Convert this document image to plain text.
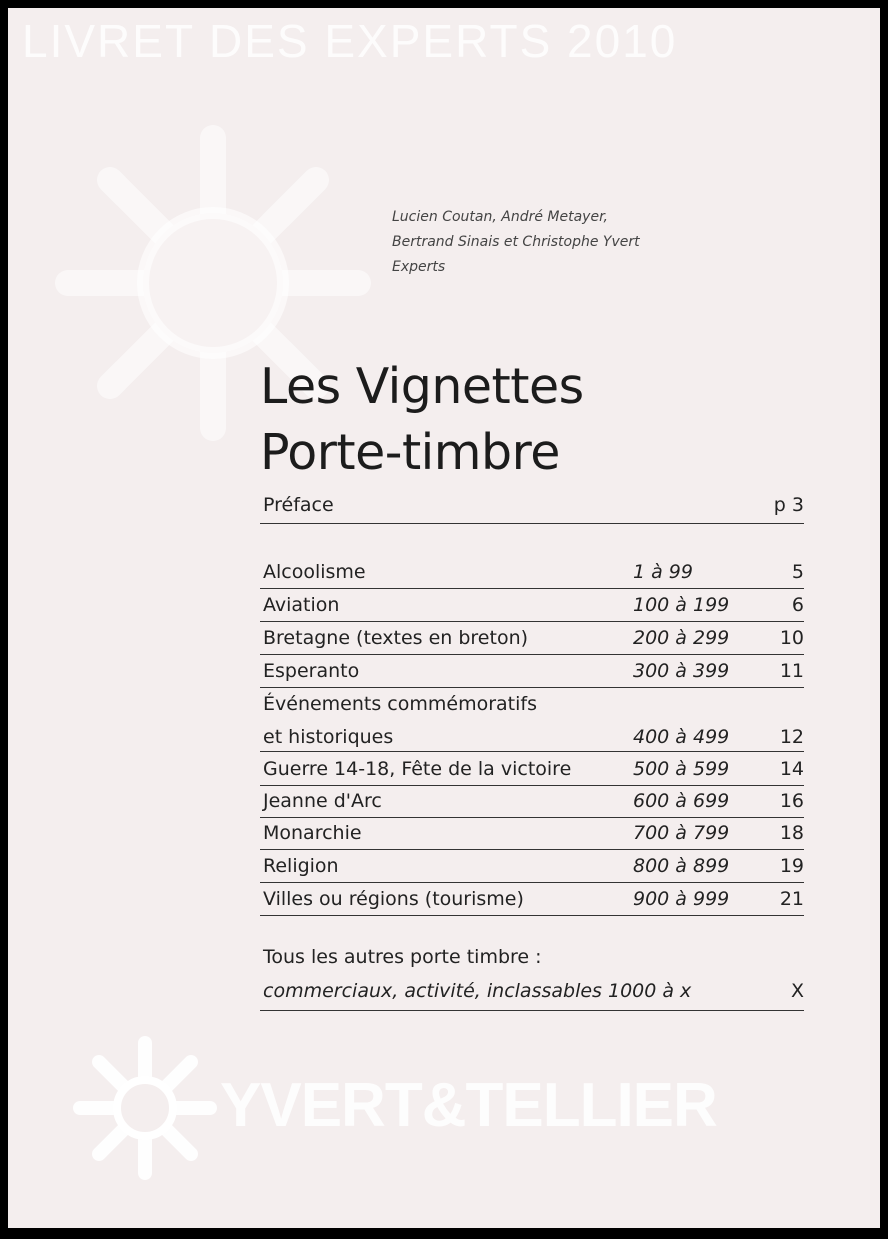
LIVRET DES EXPERTS 2010
Lucien Coutan, André Metayer,
Bertrand Sinais et Christophe Yvert
Experts
Les Vignettes
Porte-timbre
Préface	p 3
Alcoolisme	1 à 99	5
Aviation	100 à 199	6
Bretagne (textes en breton)	200 à 299	10
Esperanto	300 à 399	11
Événements commémoratifs
et historiques	400 à 499	12
Guerre 14-18, Fête de la victoire	500 à 599	14
Jeanne d'Arc	600 à 699	16
Monarchie	700 à 799	18
Religion	800 à 899	19
Villes ou régions (tourisme)	900 à 999	21
Tous les autres porte timbre :
commerciaux, activité, inclassables 1000 à x	X
YVERT&TELLIER
